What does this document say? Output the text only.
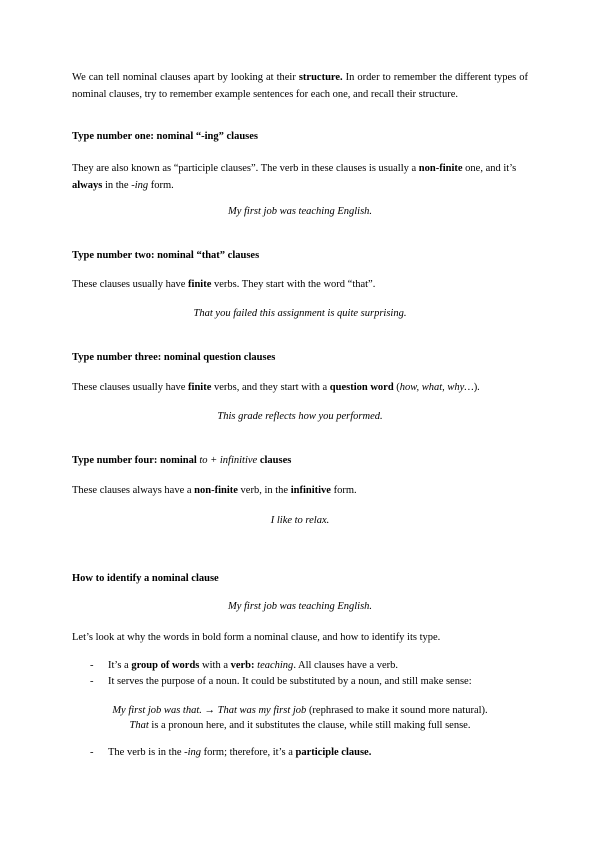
We can tell nominal clauses apart by looking at their structure. In order to remember the different types of nominal clauses, try to remember example sentences for each one, and recall their structure.
Type number one: nominal “-ing” clauses
They are also known as “participle clauses”. The verb in these clauses is usually a non-finite one, and it’s always in the -ing form.
My first job was teaching English.
Type number two: nominal “that” clauses
These clauses usually have finite verbs. They start with the word “that”.
That you failed this assignment is quite surprising.
Type number three: nominal question clauses
These clauses usually have finite verbs, and they start with a question word (how, what, why…).
This grade reflects how you performed.
Type number four: nominal to + infinitive clauses
These clauses always have a non-finite verb, in the infinitive form.
I like to relax.
How to identify a nominal clause
My first job was teaching English.
Let’s look at why the words in bold form a nominal clause, and how to identify its type.
- It’s a group of words with a verb: teaching. All clauses have a verb.
- It serves the purpose of a noun. It could be substituted by a noun, and still make sense:
My first job was that. → That was my first job (rephrased to make it sound more natural).
That is a pronoun here, and it substitutes the clause, while still making full sense.
- The verb is in the -ing form; therefore, it’s a participle clause.
